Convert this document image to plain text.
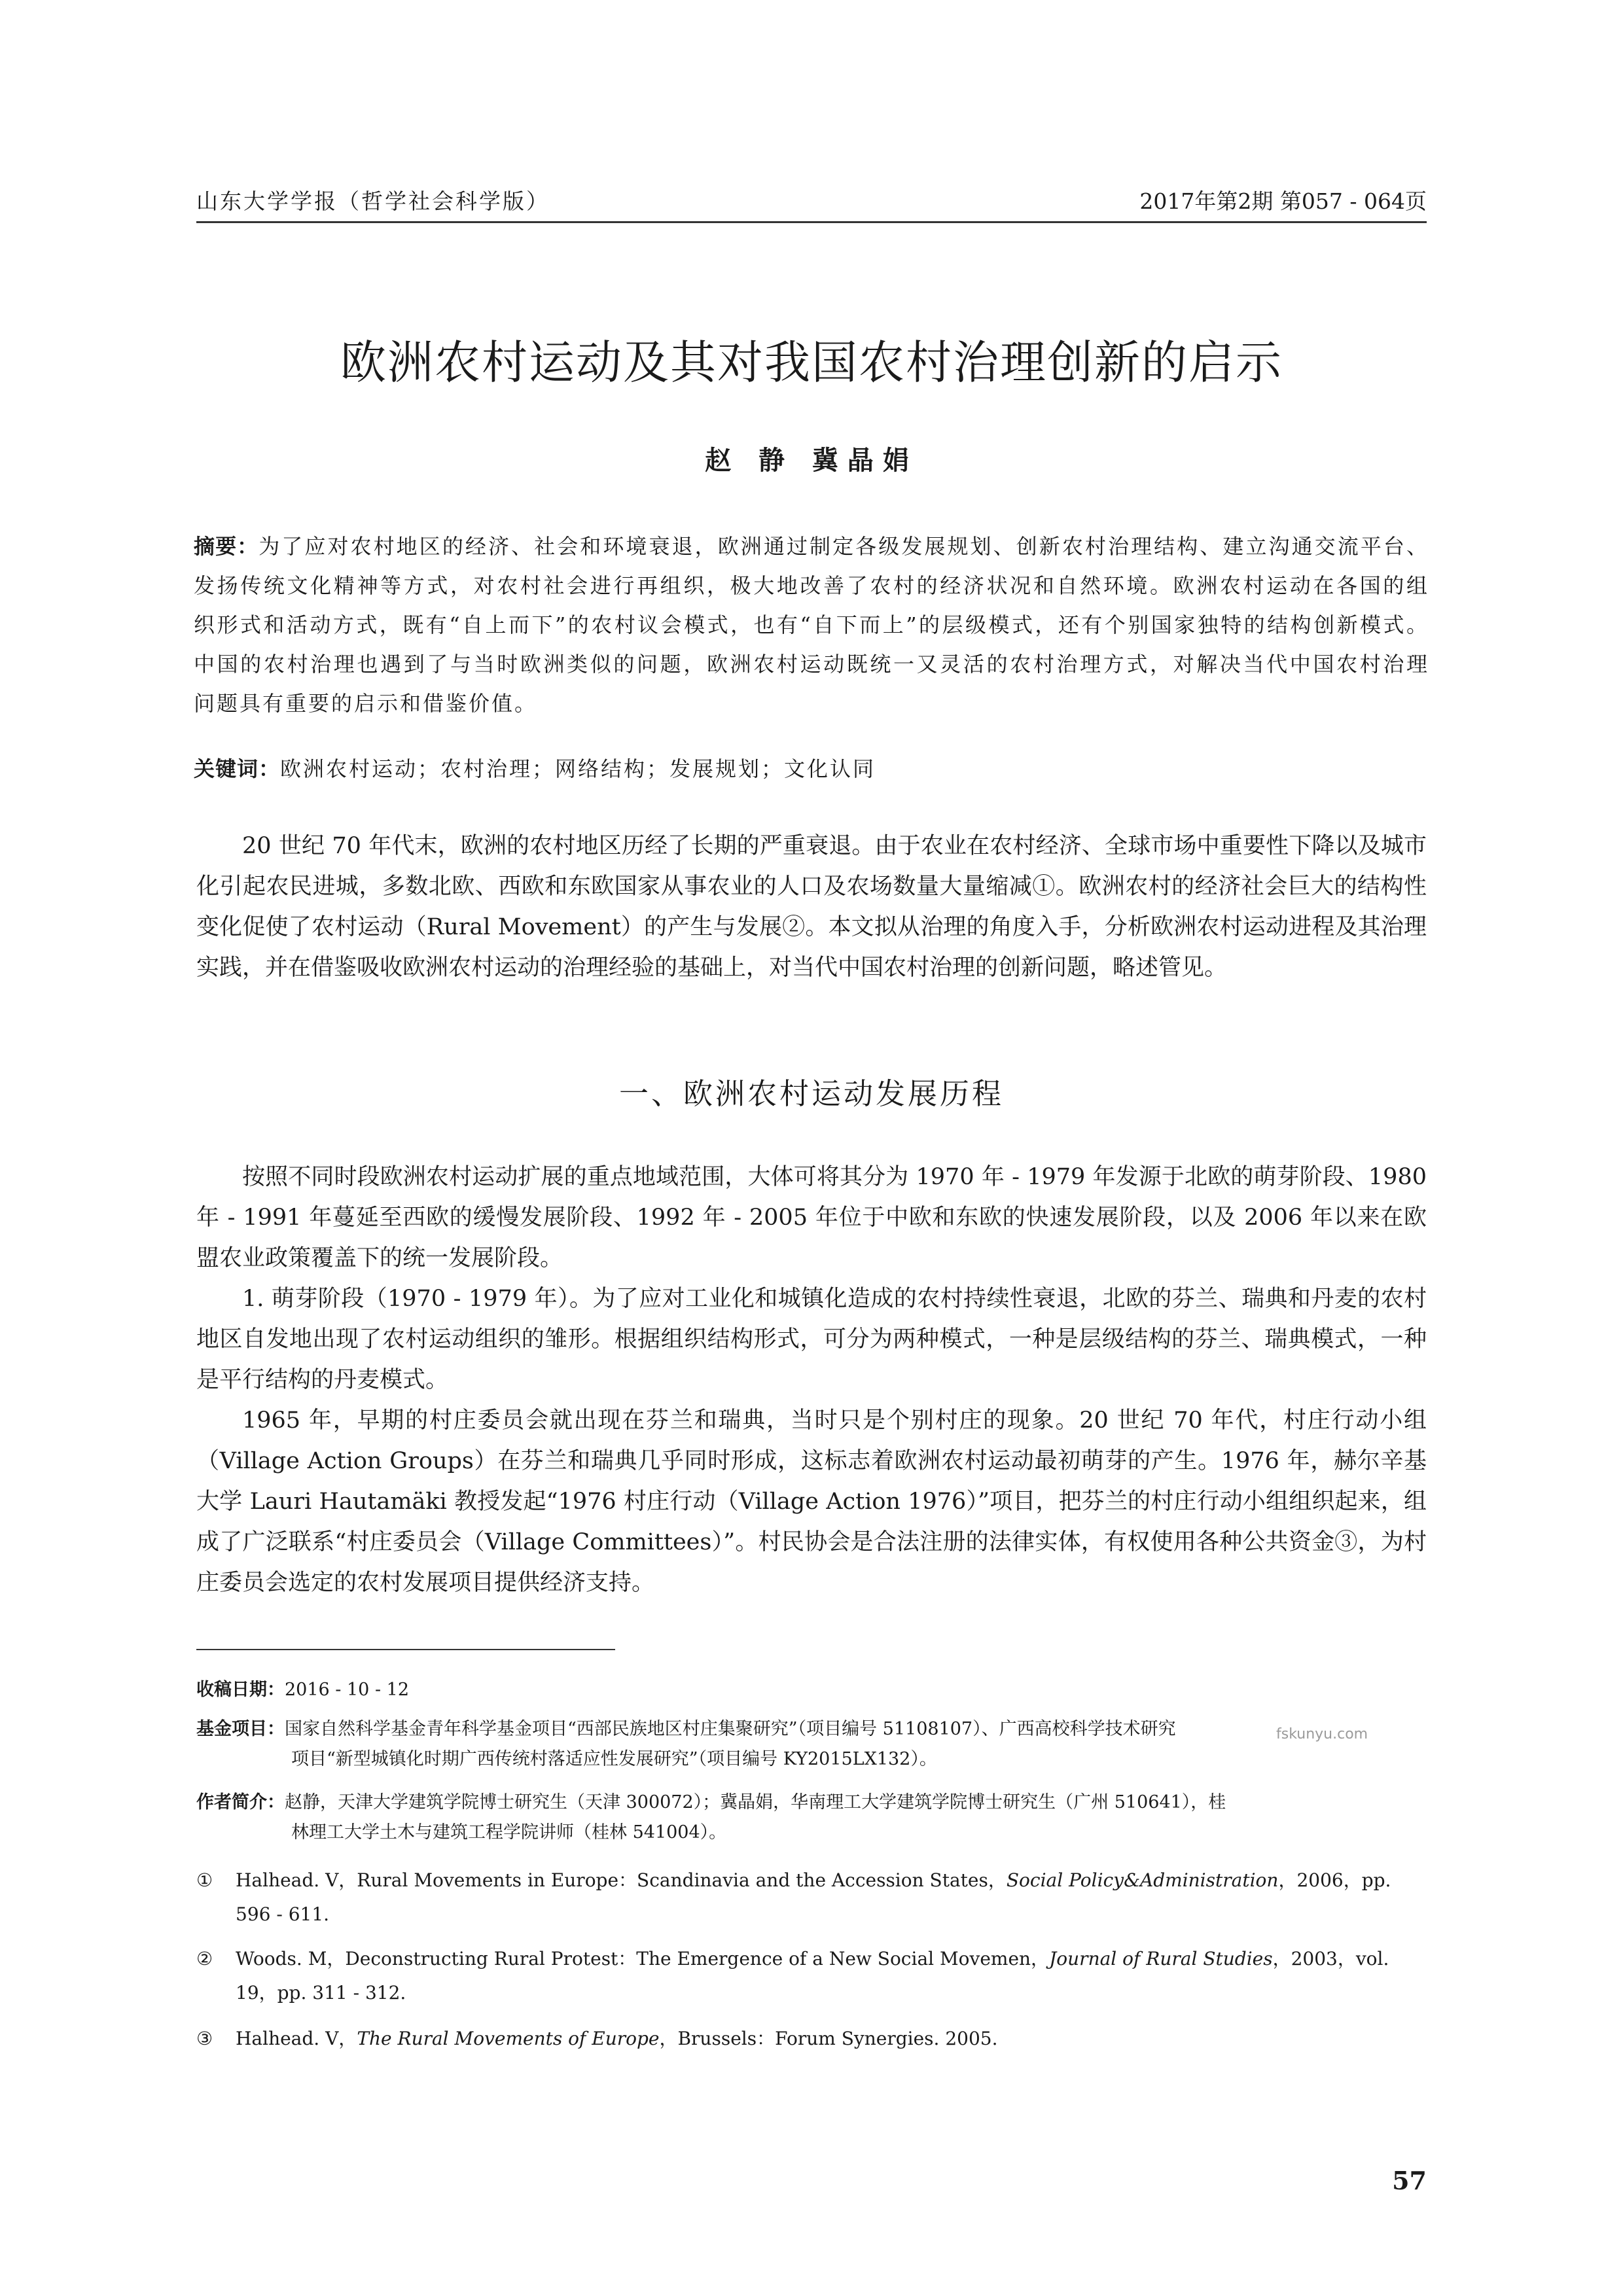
山东大学学报（哲学社会科学版）	2017年第2期 第057 - 064页
欧洲农村运动及其对我国农村治理创新的启示
赵 静 冀晶娟
摘要：为了应对农村地区的经济、社会和环境衰退，欧洲通过制定各级发展规划、创新农村治理结构、建立沟通交流平台、发扬传统文化精神等方式，对农村社会进行再组织，极大地改善了农村的经济状况和自然环境。欧洲农村运动在各国的组织形式和活动方式，既有“自上而下”的农村议会模式，也有“自下而上”的层级模式，还有个别国家独特的结构创新模式。中国的农村治理也遇到了与当时欧洲类似的问题，欧洲农村运动既统一又灵活的农村治理方式，对解决当代中国农村治理问题具有重要的启示和借鉴价值。
关键词：欧洲农村运动；农村治理；网络结构；发展规划；文化认同

20 世纪 70 年代末，欧洲的农村地区历经了长期的严重衰退。由于农业在农村经济、全球市场中重要性下降以及城市化引起农民进城，多数北欧、西欧和东欧国家从事农业的人口及农场数量大量缩减①。欧洲农村的经济社会巨大的结构性变化促使了农村运动（Rural Movement）的产生与发展②。本文拟从治理的角度入手，分析欧洲农村运动进程及其治理实践，并在借鉴吸收欧洲农村运动的治理经验的基础上，对当代中国农村治理的创新问题，略述管见。

一、欧洲农村运动发展历程

按照不同时段欧洲农村运动扩展的重点地域范围，大体可将其分为 1970 年 - 1979 年发源于北欧的萌芽阶段、1980 年 - 1991 年蔓延至西欧的缓慢发展阶段、1992 年 - 2005 年位于中欧和东欧的快速发展阶段，以及 2006 年以来在欧盟农业政策覆盖下的统一发展阶段。

1. 萌芽阶段（1970 - 1979 年）。为了应对工业化和城镇化造成的农村持续性衰退，北欧的芬兰、瑞典和丹麦的农村地区自发地出现了农村运动组织的雏形。根据组织结构形式，可分为两种模式，一种是层级结构的芬兰、瑞典模式，一种是平行结构的丹麦模式。

1965 年，早期的村庄委员会就出现在芬兰和瑞典，当时只是个别村庄的现象。20 世纪 70 年代，村庄行动小组（Village Action Groups）在芬兰和瑞典几乎同时形成，这标志着欧洲农村运动最初萌芽的产生。1976 年，赫尔辛基大学 Lauri Hautamäki 教授发起“1976 村庄行动（Village Action 1976）”项目，把芬兰的村庄行动小组组织起来，组成了广泛联系“村庄委员会（Village Committees）”。村民协会是合法注册的法律实体，有权使用各种公共资金③，为村庄委员会选定的农村发展项目提供经济支持。

收稿日期：2016 - 10 - 12
基金项目：国家自然科学基金青年科学基金项目“西部民族地区村庄集聚研究”（项目编号 51108107）、广西高校科学技术研究
项目“新型城镇化时期广西传统村落适应性发展研究”（项目编号 KY2015LX132）。
作者简介：赵静，天津大学建筑学院博士研究生（天津 300072）；冀晶娟，华南理工大学建筑学院博士研究生（广州 510641），桂
林理工大学土木与建筑工程学院讲师（桂林 541004）。
① Halhead. V，Rural Movements in Europe：Scandinavia and the Accession States，Social Policy&Administration，2006，pp. 596 - 611.
② Woods. M，Deconstructing Rural Protest：The Emergence of a New Social Movemen，Journal of Rural Studies，2003，vol. 19，pp. 311 - 312.
③ Halhead. V，The Rural Movements of Europe，Brussels：Forum Synergies. 2005.
fskunyu.com
57
